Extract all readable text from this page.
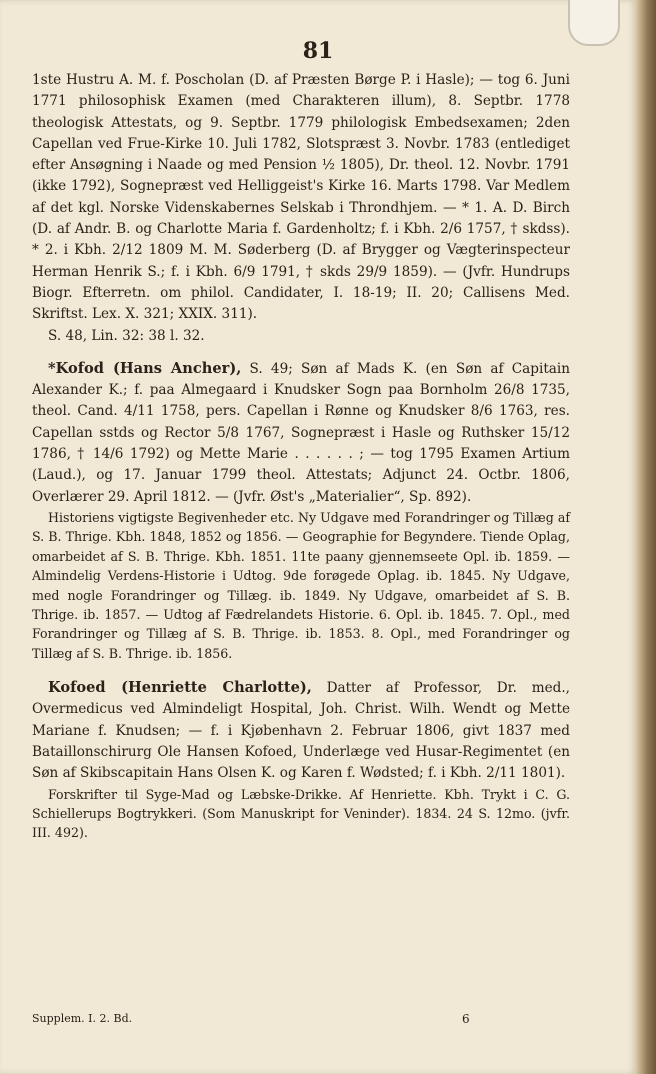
81

1ste Hustru A. M. f. Poscholan (D. af Præsten Børge P. i Hasle); — tog 6. Juni 1771 philosophisk Examen (med Charakteren illum), 8. Septbr. 1778 theologisk Attestats, og 9. Septbr. 1779 philologisk Embedsexamen; 2den Capellan ved Frue-Kirke 10. Juli 1782, Slotspræst 3. Novbr. 1783 (entlediget efter Ansøgning i Naade og med Pension ½ 1805), Dr. theol. 12. Novbr. 1791 (ikke 1792), Sognepræst ved Helliggeist's Kirke 16. Marts 1798. Var Medlem af det kgl. Norske Videnskabernes Selskab i Throndhjem. — * 1. A. D. Birch (D. af Andr. B. og Charlotte Maria f. Gardenholtz; f. i Kbh. 2/6 1757, † skdss). * 2. i Kbh. 2/12 1809 M. M. Søderberg (D. af Brygger og Vægterinspecteur Herman Henrik S.; f. i Kbh. 6/9 1791, † skds 29/9 1859). — (Jvfr. Hundrups Biogr. Efterretn. om philol. Candidater, I. 18-19; II. 20; Callisens Med. Skriftst. Lex. X. 321; XXIX. 311).

S. 48, Lin. 32: 38 l. 32.

*Kofod (Hans Ancher), S. 49; Søn af Mads K. (en Søn af Capitain Alexander K.; f. paa Almegaard i Knudsker Sogn paa Bornholm 26/8 1735, theol. Cand. 4/11 1758, pers. Capellan i Rønne og Knudsker 8/6 1763, res. Capellan sstds og Rector 5/8 1767, Sognepræst i Hasle og Ruthsker 15/12 1786, † 14/6 1792) og Mette Marie . . . . . . ; — tog 1795 Examen Artium (Laud.), og 17. Januar 1799 theol. Attestats; Adjunct 24. Octbr. 1806, Overlærer 29. April 1812. — (Jvfr. Øst's „Materialier“, Sp. 892).

Historiens vigtigste Begivenheder etc. Ny Udgave med Forandringer og Tillæg af S. B. Thrige. Kbh. 1848, 1852 og 1856. — Geographie for Begyndere. Tiende Oplag, omarbeidet af S. B. Thrige. Kbh. 1851. 11te paany gjennemseete Opl. ib. 1859. — Almindelig Verdens-Historie i Udtog. 9de forøgede Oplag. ib. 1845. Ny Udgave, med nogle Forandringer og Tillæg. ib. 1849. Ny Udgave, omarbeidet af S. B. Thrige. ib. 1857. — Udtog af Fædrelandets Historie. 6. Opl. ib. 1845. 7. Opl., med Forandringer og Tillæg af S. B. Thrige. ib. 1853. 8. Opl., med Forandringer og Tillæg af S. B. Thrige. ib. 1856.

Kofoed (Henriette Charlotte), Datter af Professor, Dr. med., Overmedicus ved Almindeligt Hospital, Joh. Christ. Wilh. Wendt og Mette Mariane f. Knudsen; — f. i Kjøbenhavn 2. Februar 1806, givt 1837 med Bataillonschirurg Ole Hansen Kofoed, Underlæge ved Husar-Regimentet (en Søn af Skibscapitain Hans Olsen K. og Karen f. Wødsted; f. i Kbh. 2/11 1801).

Forskrifter til Syge-Mad og Læbske-Drikke. Af Henriette. Kbh. Trykt i C. G. Schiellerups Bogtrykkeri. (Som Manuskript for Veninder). 1834. 24 S. 12mo. (jvfr. III. 492).

Supplem. I. 2. Bd.	6
